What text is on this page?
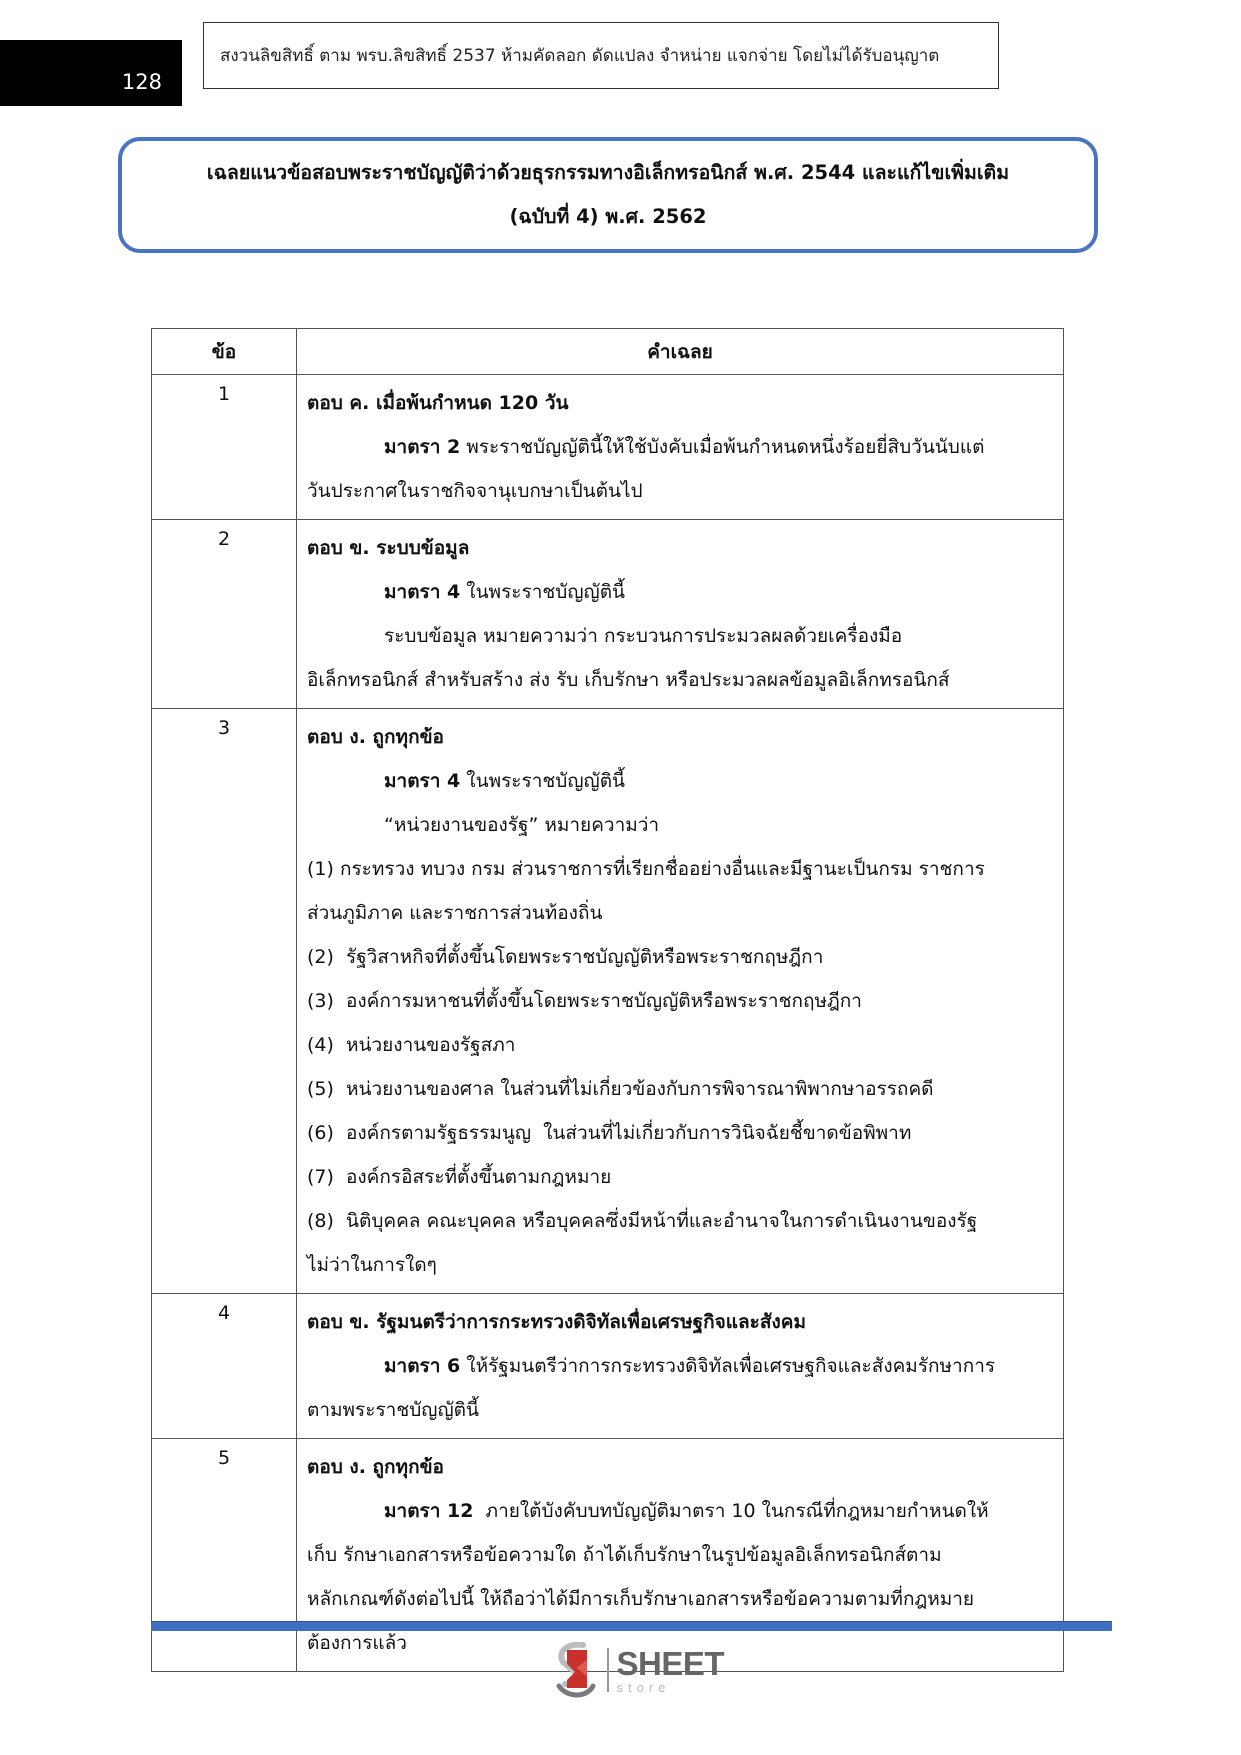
128
สงวนลิขสิทธิ์ ตาม พรบ.ลิขสิทธิ์ 2537 ห้ามคัดลอก ดัดแปลง จำหน่าย แจกจ่าย โดยไม่ได้รับอนุญาต
เฉลยแนวข้อสอบพระราชบัญญัติว่าด้วยธุรกรรมทางอิเล็กทรอนิกส์ พ.ศ. 2544 และแก้ไขเพิ่มเติม
(ฉบับที่ 4) พ.ศ. 2562
ข้อ	คำเฉลย
1	ตอบ ค. เมื่อพ้นกำหนด 120 วัน
มาตรา 2 พระราชบัญญัตินี้ให้ใช้บังคับเมื่อพ้นกำหนดหนึ่งร้อยยี่สิบวันนับแต่
วันประกาศในราชกิจจานุเบกษาเป็นต้นไป

2	ตอบ ข. ระบบข้อมูล
มาตรา 4 ในพระราชบัญญัตินี้
ระบบข้อมูล หมายความว่า กระบวนการประมวลผลด้วยเครื่องมือ
อิเล็กทรอนิกส์ สำหรับสร้าง ส่ง รับ เก็บรักษา หรือประมวลผลข้อมูลอิเล็กทรอนิกส์

3	ตอบ ง. ถูกทุกข้อ
มาตรา 4 ในพระราชบัญญัตินี้
“หน่วยงานของรัฐ” หมายความว่า
(1) กระทรวง ทบวง กรม ส่วนราชการที่เรียกชื่ออย่างอื่นและมีฐานะเป็นกรม ราชการ
ส่วนภูมิภาค และราชการส่วนท้องถิ่น
(2)  รัฐวิสาหกิจที่ตั้งขึ้นโดยพระราชบัญญัติหรือพระราชกฤษฎีกา
(3)  องค์การมหาชนที่ตั้งขึ้นโดยพระราชบัญญัติหรือพระราชกฤษฎีกา
(4)  หน่วยงานของรัฐสภา
(5)  หน่วยงานของศาล ในส่วนที่ไม่เกี่ยวข้องกับการพิจารณาพิพากษาอรรถคดี
(6)  องค์กรตามรัฐธรรมนูญ  ในส่วนที่ไม่เกี่ยวกับการวินิจฉัยชี้ขาดข้อพิพาท
(7)  องค์กรอิสระที่ตั้งขึ้นตามกฎหมาย
(8)  นิติบุคคล คณะบุคคล หรือบุคคลซึ่งมีหน้าที่และอำนาจในการดำเนินงานของรัฐ
ไม่ว่าในการใดๆ

4	ตอบ ข. รัฐมนตรีว่าการกระทรวงดิจิทัลเพื่อเศรษฐกิจและสังคม
มาตรา 6 ให้รัฐมนตรีว่าการกระทรวงดิจิทัลเพื่อเศรษฐกิจและสังคมรักษาการ
ตามพระราชบัญญัตินี้

5	ตอบ ง. ถูกทุกข้อ
มาตรา 12  ภายใต้บังคับบทบัญญัติมาตรา 10 ในกรณีที่กฎหมายกำหนดให้
เก็บ รักษาเอกสารหรือข้อความใด ถ้าได้เก็บรักษาในรูปข้อมูลอิเล็กทรอนิกส์ตาม
หลักเกณฑ์ดังต่อไปนี้ ให้ถือว่าได้มีการเก็บรักษาเอกสารหรือข้อความตามที่กฎหมาย
ต้องการแล้ว
SHEET
store
